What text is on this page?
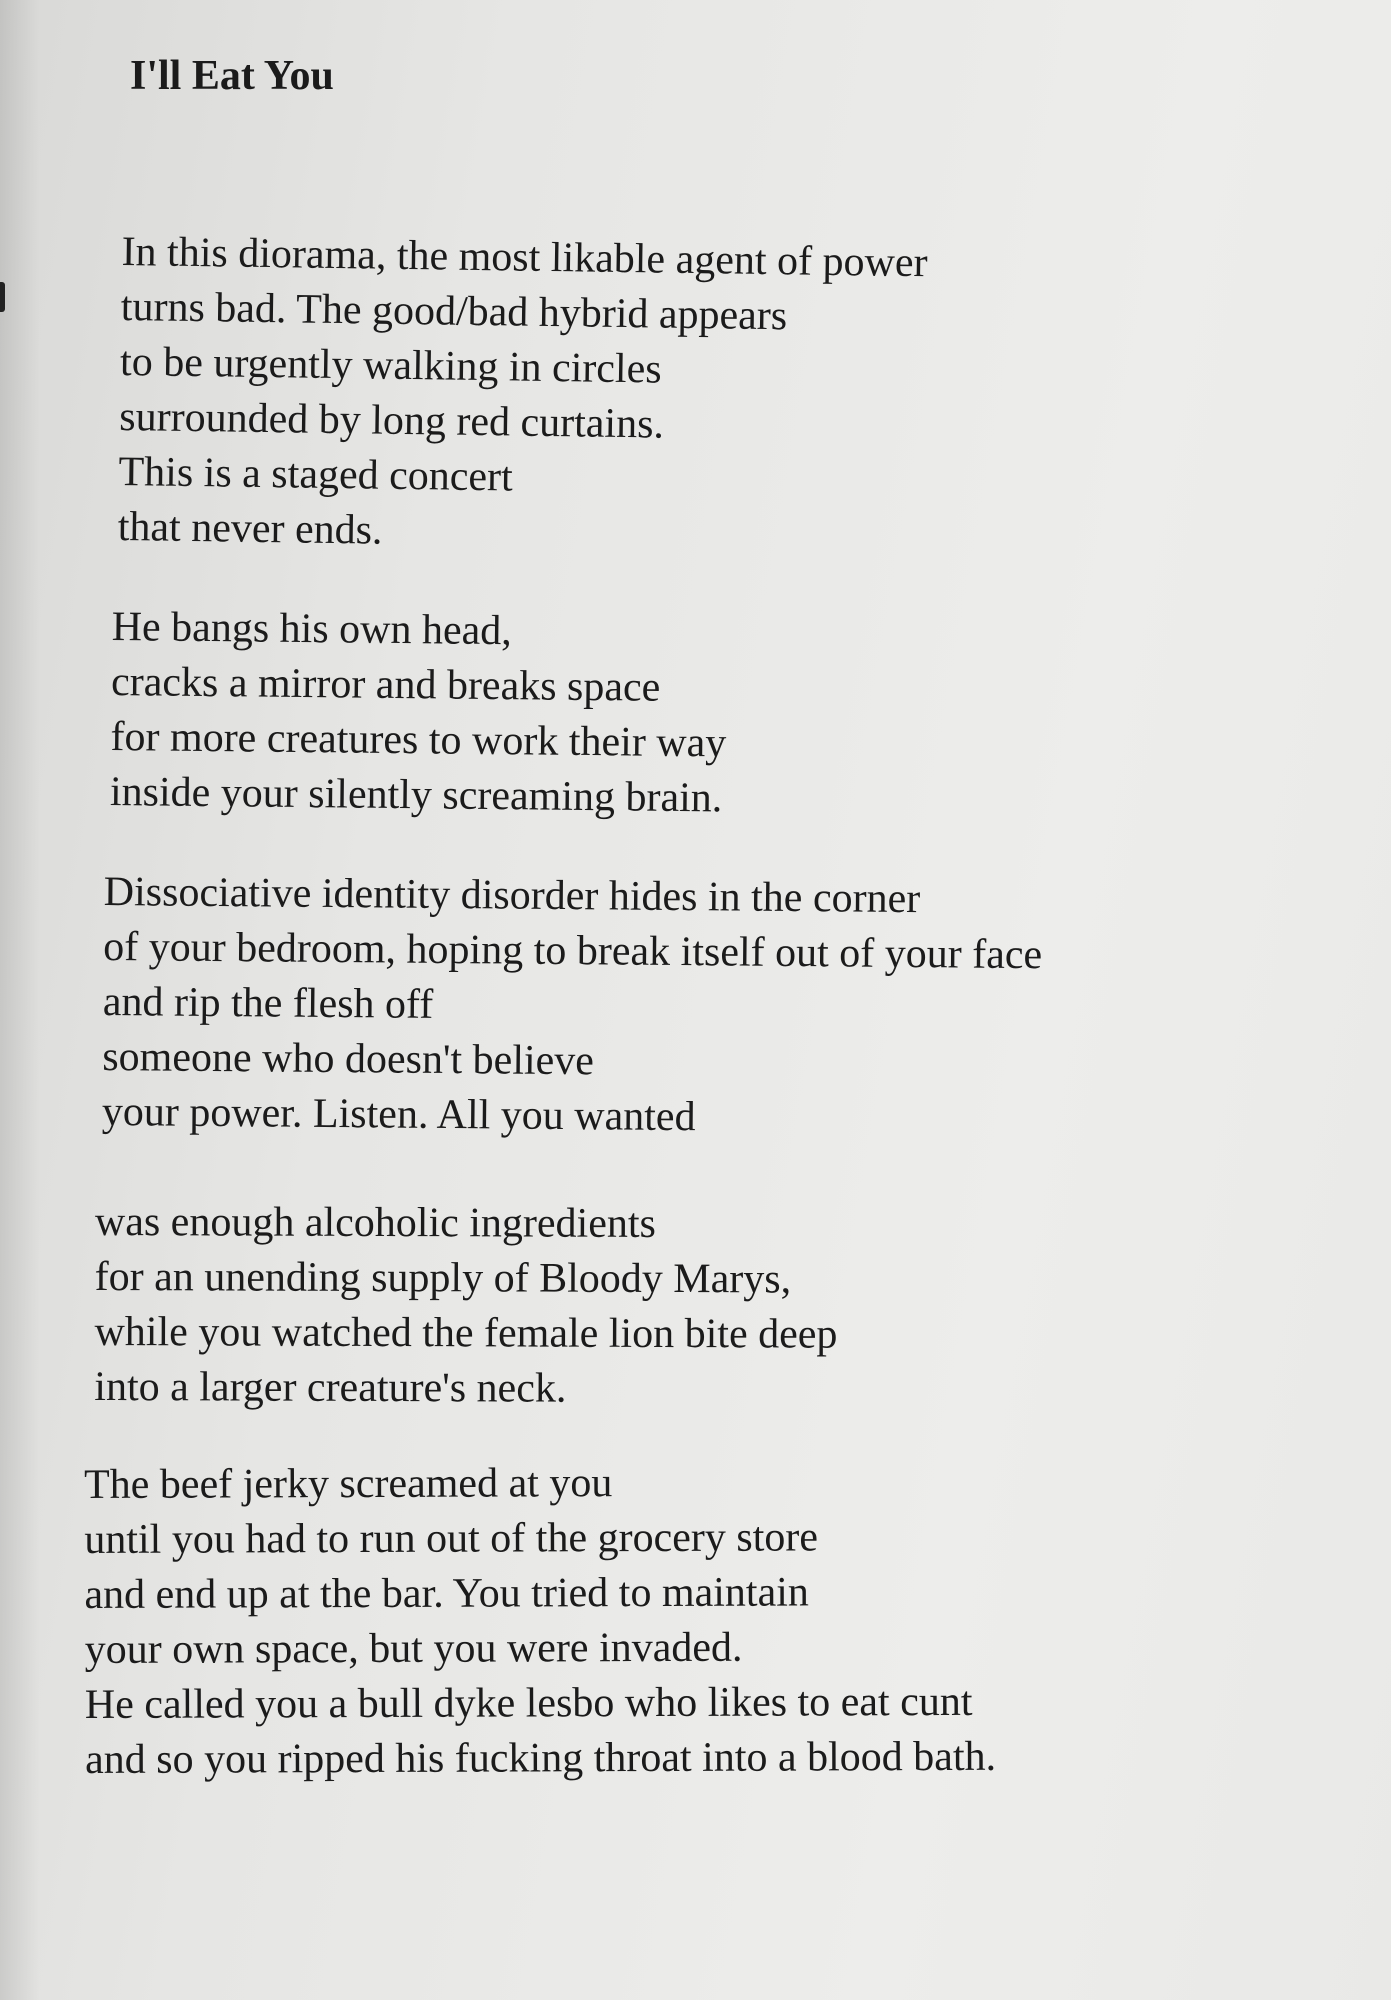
I'll Eat You
In this diorama, the most likable agent of power
turns bad. The good/bad hybrid appears
to be urgently walking in circles
surrounded by long red curtains.
This is a staged concert
that never ends.
He bangs his own head,
cracks a mirror and breaks space
for more creatures to work their way
inside your silently screaming brain.
Dissociative identity disorder hides in the corner
of your bedroom, hoping to break itself out of your face
and rip the flesh off
someone who doesn't believe
your power. Listen. All you wanted
was enough alcoholic ingredients
for an unending supply of Bloody Marys,
while you watched the female lion bite deep
into a larger creature's neck.
The beef jerky screamed at you
until you had to run out of the grocery store
and end up at the bar. You tried to maintain
your own space, but you were invaded.
He called you a bull dyke lesbo who likes to eat cunt
and so you ripped his fucking throat into a blood bath.
